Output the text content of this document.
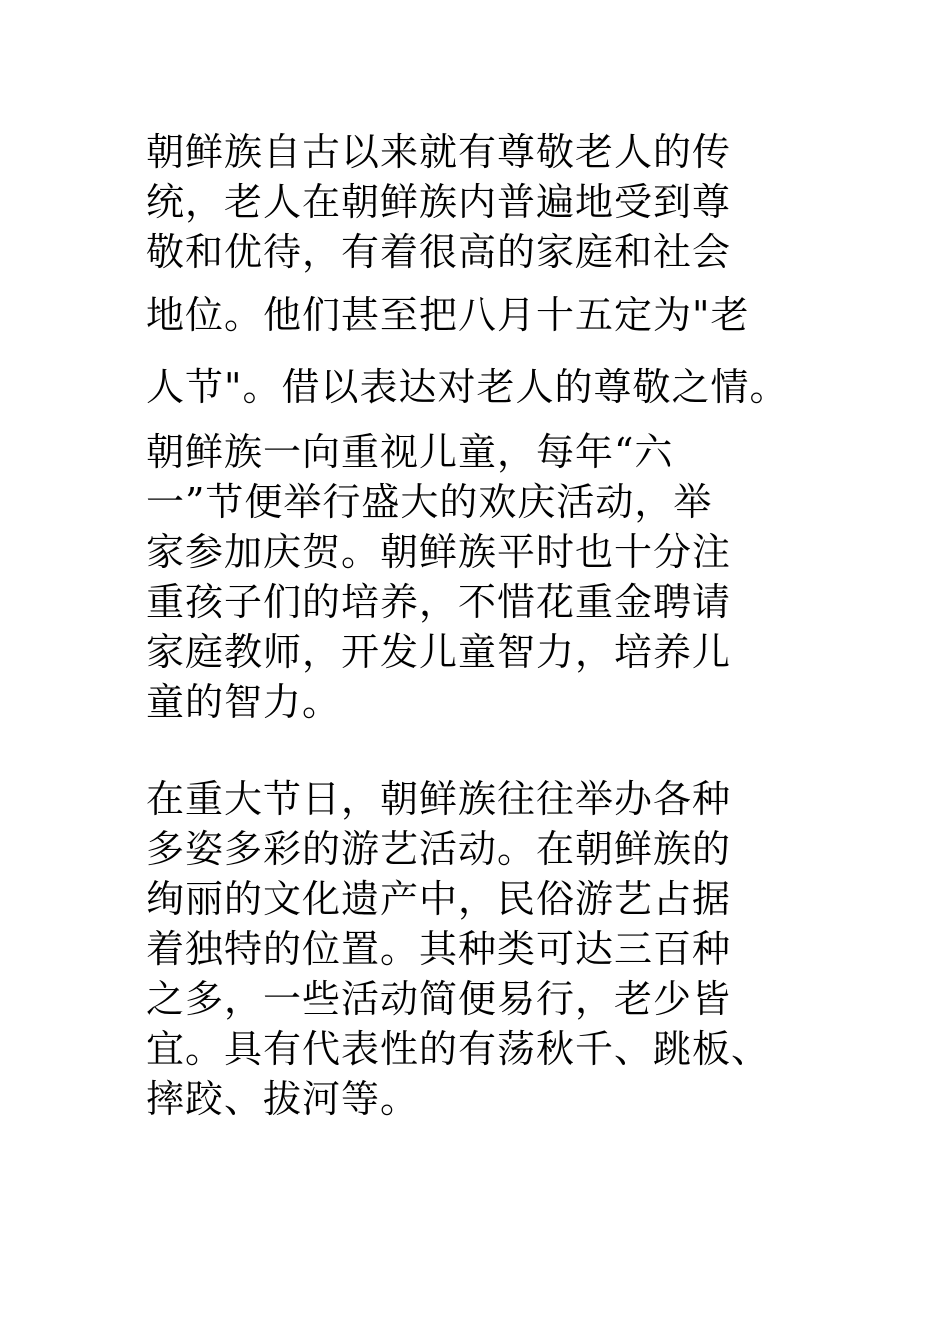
朝鲜族自古以来就有尊敬老人的传
统，老人在朝鲜族内普遍地受到尊
敬和优待，有着很高的家庭和社会
地位。他们甚至把八月十五定为"老
人节"。借以表达对老人的尊敬之情。
朝鲜族一向重视儿童，每年“六
一”节便举行盛大的欢庆活动，举
家参加庆贺。朝鲜族平时也十分注
重孩子们的培养，不惜花重金聘请
家庭教师，开发儿童智力，培养儿
童的智力。
在重大节日，朝鲜族往往举办各种
多姿多彩的游艺活动。在朝鲜族的
绚丽的文化遗产中，民俗游艺占据
着独特的位置。其种类可达三百种
之多，一些活动简便易行，老少皆
宜。具有代表性的有荡秋千、跳板、
摔跤、拔河等。
